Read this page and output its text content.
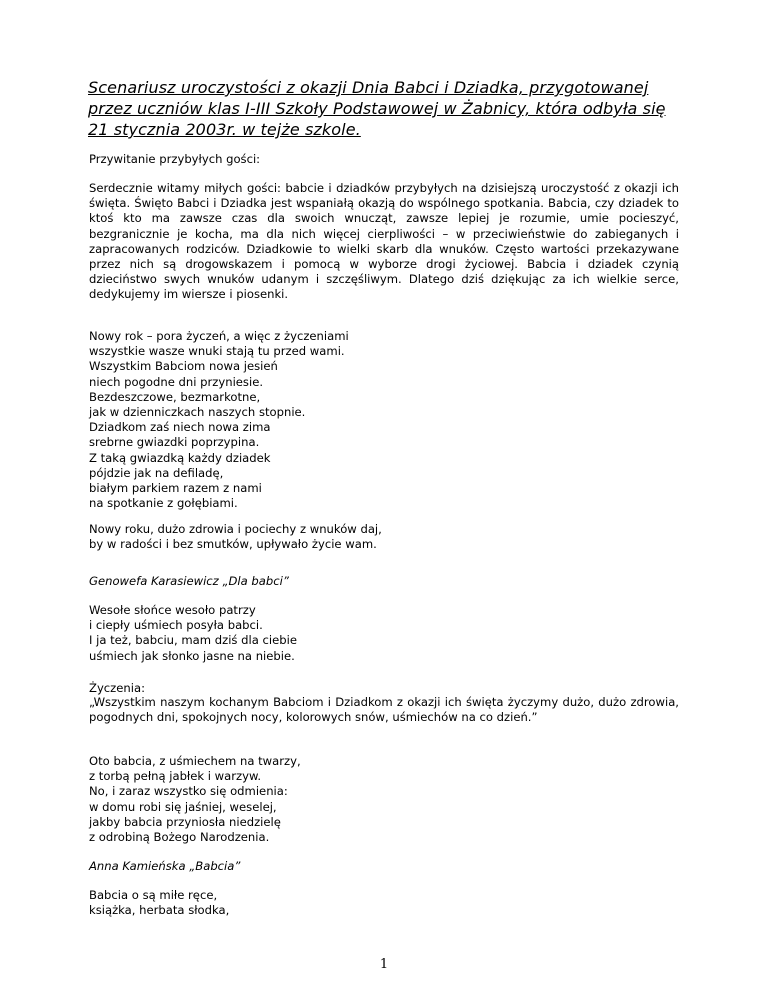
Scenariusz uroczystości z okazji Dnia Babci i Dziadka, przygotowanej przez uczniów klas I-III Szkoły Podstawowej w Żabnicy, która odbyła się 21 stycznia 2003r. w tejże szkole.

Przywitanie przybyłych gości:

Serdecznie witamy miłych gości: babcie i dziadków przybyłych na dzisiejszą uroczystość z okazji ich święta. Święto Babci i Dziadka jest wspaniałą okazją do wspólnego spotkania. Babcia, czy dziadek to ktoś kto ma zawsze czas dla swoich wnucząt, zawsze lepiej je rozumie, umie pocieszyć, bezgranicznie je kocha, ma dla nich więcej cierpliwości – w przeciwieństwie do zabieganych i zapracowanych rodziców. Dziadkowie to wielki skarb dla wnuków. Często wartości przekazywane przez nich są drogowskazem i pomocą w wyborze drogi życiowej. Babcia i dziadek czynią dzieciństwo swych wnuków udanym i szczęśliwym. Dlatego dziś dziękując za ich wielkie serce, dedykujemy im wiersze i piosenki.

Nowy rok – pora życzeń, a więc z życzeniami
wszystkie wasze wnuki stają tu przed wami.
Wszystkim Babciom nowa jesień
niech pogodne dni przyniesie.
Bezdeszczowe, bezmarkotne,
jak w dzienniczkach naszych stopnie.
Dziadkom zaś niech nowa zima
srebrne gwiazdki poprzypina.
Z taką gwiazdką każdy dziadek
pójdzie jak na defiladę,
białym parkiem razem z nami
na spotkanie z gołębiami.
Nowy roku, dużo zdrowia i pociechy z wnuków daj,
by w radości i bez smutków, upływało życie wam.

Genowefa Karasiewicz „Dla babci”

Wesołe słońce wesoło patrzy
i ciepły uśmiech posyła babci.
I ja też, babciu, mam dziś dla ciebie
uśmiech jak słonko jasne na niebie.

Życzenia:

„Wszystkim naszym kochanym Babciom i Dziadkom z okazji ich święta życzymy dużo, dużo zdrowia, pogodnych dni, spokojnych nocy, kolorowych snów, uśmiechów na co dzień.”

Oto babcia, z uśmiechem na twarzy,
z torbą pełną jabłek i warzyw.
No, i zaraz wszystko się odmienia:
w domu robi się jaśniej, weselej,
jakby babcia przyniosła niedzielę
z odrobiną Bożego Narodzenia.

Anna Kamieńska „Babcia”

Babcia o są miłe ręce,
książka, herbata słodka,
1
